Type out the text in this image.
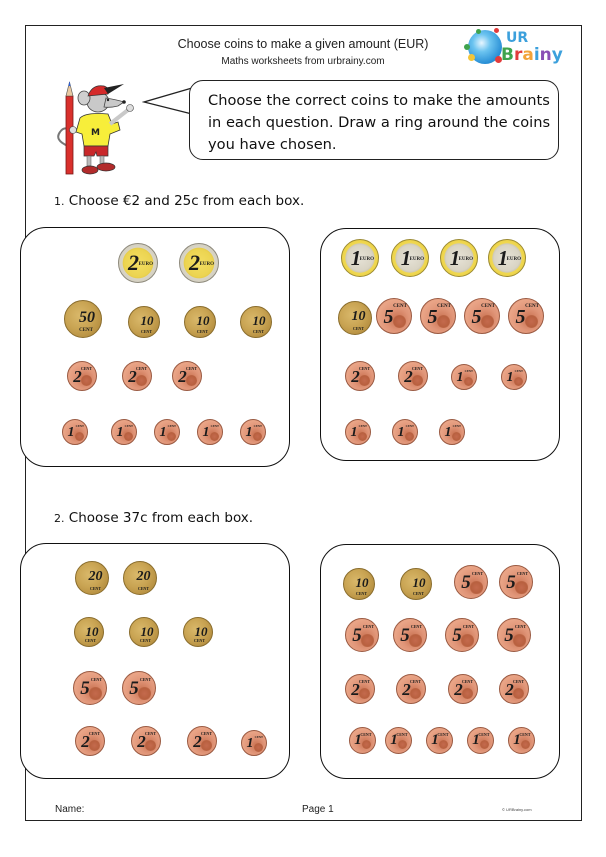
Choose coins to make a given amount (EUR)
Maths worksheets from urbrainy.com
UR
Brainy
M
Choose the correct coins to make the amounts in each question. Draw a ring around the coins you have chosen.
1. Choose €2 and 25c from each box.
2. Choose 37c from each box.
2 EURO 2 EURO
50
CENT
10
CENT
10
CENT
10
CENT
2 CENT 2 CENT 2 CENT
1 CENT 1 CENT 1 CENT 1 CENT 1 CENT
1
EURO 1
EURO 1
EURO 1
EURO
10
CENT
5 CENT 5 CENT 5 CENT 5 CENT
2 CENT 2 CENT
1 CENT 1 CENT
1 CENT 1 CENT 1 CENT
20
CENT
20
CENT
10
CENT
10
CENT
10
CENT
5 CENT 5 CENT
2 CENT 2 CENT 2 CENT
1 CENT
10
CENT
10
CENT
5 CENT 5 CENT
5 CENT 5 CENT 5 CENT 5 CENT
2 CENT 2 CENT 2 CENT 2 CENT
1
CENT 1
CENT 1
CENT 1
CENT 1
CENT
Name:	Page 1	© URBrainy.com
